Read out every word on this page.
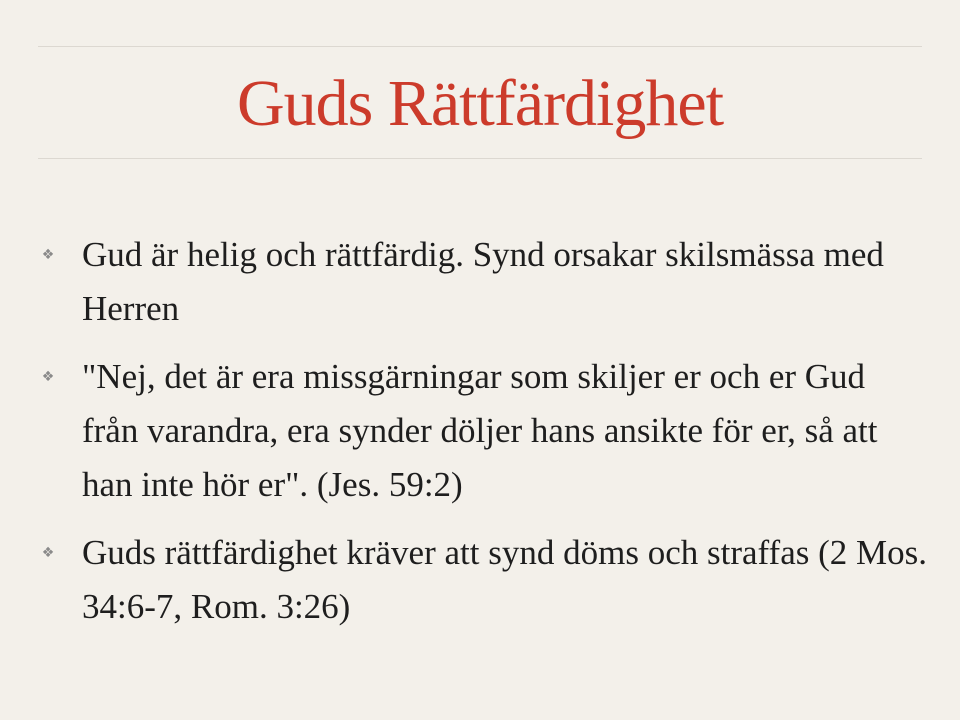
Guds Rättfärdighet
❖ Gud är helig och rättfärdig. Synd orsakar skilsmässa med Herren
❖ "Nej, det är era missgärningar som skiljer er och er Gud från varandra, era synder döljer hans ansikte för er, så att han inte hör er". (Jes. 59:2)
❖ Guds rättfärdighet kräver att synd döms och straffas (2 Mos. 34:6-7, Rom. 3:26)
